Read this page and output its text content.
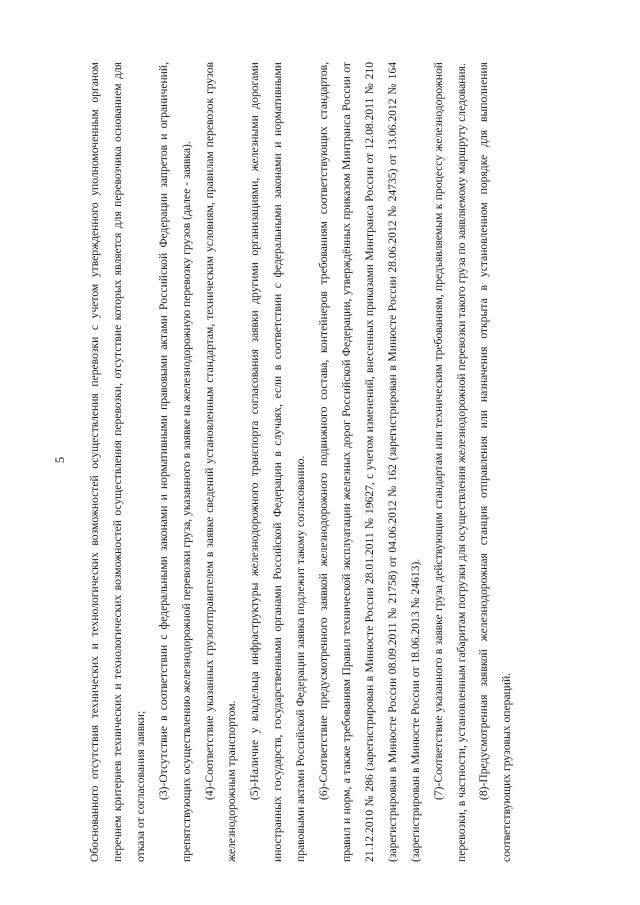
5	Обоснованного отсутствия технических и технологических возможностей осуществления перевозки с учетом утвержденного уполномоченным органом перечнем критериев технических и технологических возможностей осуществления перевозки, отсутствие которых является для перевозчика основанием для отказа от согласования заявки; (3)-Отсутствие в соответствии с федеральными законами и нормативными правовыми актами Российской Федерации запретов и ограничений, препятствующих осуществлению железнодорожной перевозки груза, указанного в заявке на железнодорожную перевозку грузов (далее - заявка). (4)-Соответствие указанных грузоотправителем в заявке сведений установленным стандартам, техническим условиям, правилам перевозок грузов железнодорожным транспортом. (5)-Наличие у владельца инфраструктуры железнодорожного транспорта согласования заявки другими организациями, железными дорогами иностранных государств, государственными органами Российской Федерации в случаях, если в соответствии с федеральными законами и нормативными правовыми актами Российской Федерации заявка подлежит такому согласованию. (6)-Соответствие предусмотренного заявкой железнодорожного подвижного состава, контейнеров требованиям соответствующих стандартов, правил и норм, а также требованиям Правил технической эксплуатации железных дорог Российской Федерации, утверждённых приказом Минтранса России от 21.12.2010 № 286 (зарегистрирован в Минюсте России 28.01.2011 № 19627, с учетом изменений, внесенных приказами Минтранса России от 12.08.2011 № 210 (зарегистрирован в Минюсте России 08.09.2011 № 21758) от 04.06.2012 № 162 (зарегистрирован в Минюсте России 28.06.2012 № 24735) от 13.06.2012 № 164 (зарегистрирован в Минюсте России от 18.06.2013 № 24613). (7)-Соответствие указанного в заявке груза действующим стандартам или техническим требованиям, предъявляемым к процессу железнодорожной перевозки, в частности, установленным габаритам погрузки для осуществления железнодорожной перевозки такого груза по заявляемому маршруту следования. (8)-Предусмотренная заявкой железнодорожная станция отправления или назначения открыта в установленном порядке для выполнения соответствующих грузовых операций.
